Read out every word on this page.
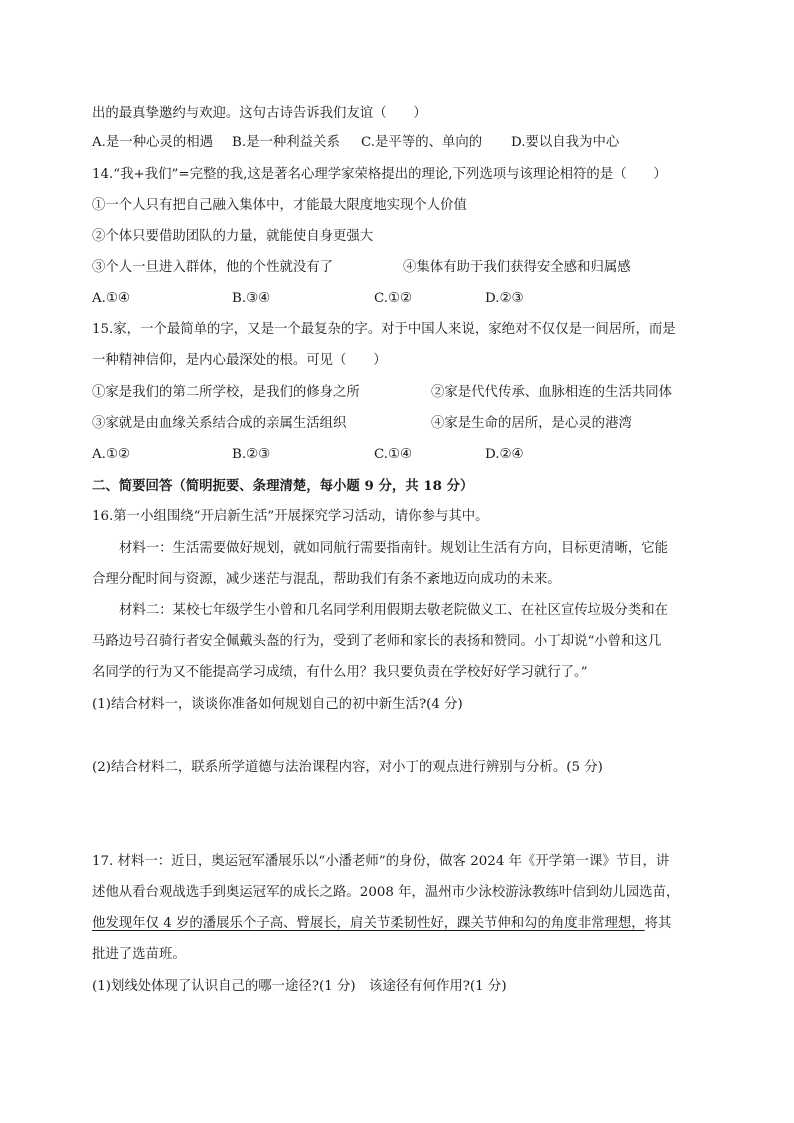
出的最真挚邀约与欢迎。这句古诗告诉我们友谊（　　）
A.是一种心灵的相遇 B.是一种利益关系 C.是平等的、单向的 D.要以自我为中心
14.“我+我们”=完整的我,这是著名心理学家荣格提出的理论,下列选项与该理论相符的是（　　）
①一个人只有把自己融入集体中，才能最大限度地实现个人价值
②个体只要借助团队的力量，就能使自身更强大
③个人一旦进入群体，他的个性就没有了	④集体有助于我们获得安全感和归属感
A.①④	B.③④	C.①②	D.②③
15.家，一个最简单的字，又是一个最复杂的字。对于中国人来说，家绝对不仅仅是一间居所，而是
一种精神信仰，是内心最深处的根。可见（　　）
①家是我们的第二所学校，是我们的修身之所	②家是代代传承、血脉相连的生活共同体
③家就是由血缘关系结合成的亲属生活组织	④家是生命的居所，是心灵的港湾
A.①②	B.②③	C.①④	D.②④
二、简要回答（简明扼要、条理清楚，每小题 9 分，共 18 分）
16.第一小组围绕“开启新生活”开展探究学习活动，请你参与其中。
材料一：生活需要做好规划，就如同航行需要指南针。规划让生活有方向，目标更清晰，它能
合理分配时间与资源，减少迷茫与混乱，帮助我们有条不紊地迈向成功的未来。
材料二：某校七年级学生小曾和几名同学利用假期去敬老院做义工、在社区宣传垃圾分类和在
马路边号召骑行者安全佩戴头盔的行为，受到了老师和家长的表扬和赞同。小丁却说“小曾和这几
名同学的行为又不能提高学习成绩，有什么用？我只要负责在学校好好学习就行了。”
(1)结合材料一，谈谈你准备如何规划自己的初中新生活?(4 分)
(2)结合材料二，联系所学道德与法治课程内容，对小丁的观点进行辨别与分析。(5 分)
17. 材料一：近日，奥运冠军潘展乐以“小潘老师”的身份，做客 2024 年《开学第一课》节目，讲
述他从看台观战选手到奥运冠军的成长之路。2008 年，温州市少泳校游泳教练叶信到幼儿园选苗，
他发现年仅 4 岁的潘展乐个子高、臂展长，肩关节柔韧性好，踝关节伸和勾的角度非常理想，将其
批进了选苗班。
(1)划线处体现了认识自己的哪一途径?(1 分)　该途径有何作用?(1 分)
